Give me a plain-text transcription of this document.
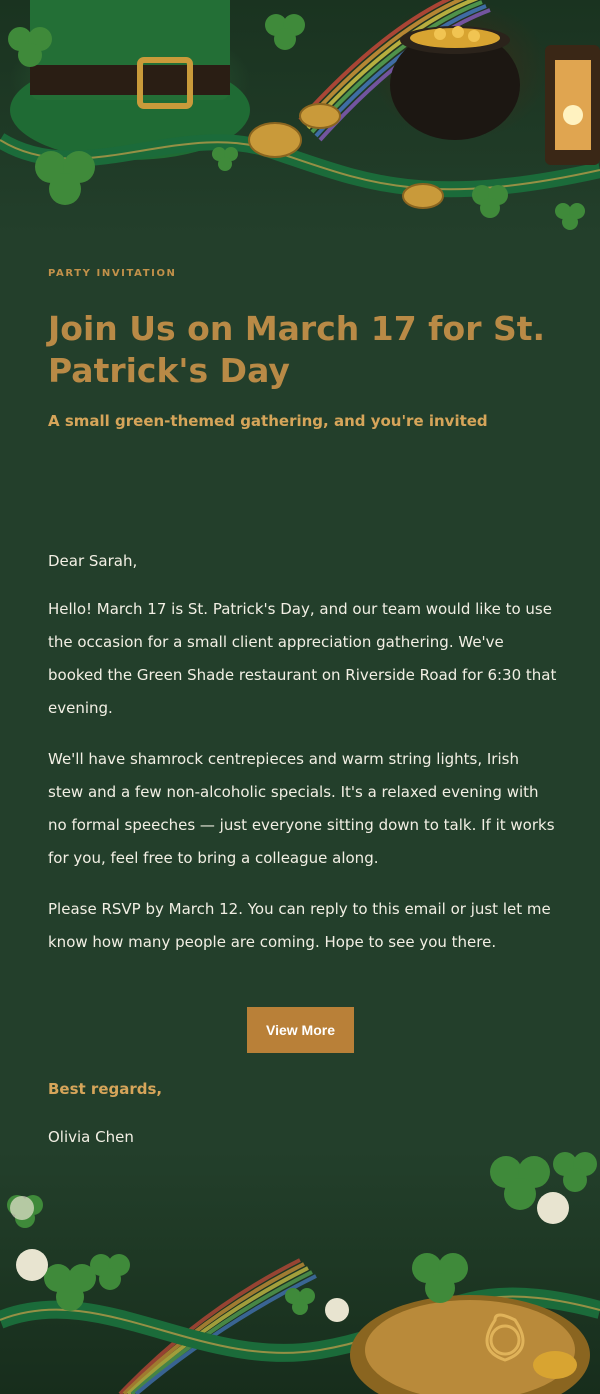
PARTY INVITATION
Join Us on March 17 for St. Patrick's Day
A small green-themed gathering, and you're invited

Dear Sarah,

Hello! March 17 is St. Patrick's Day, and our team would like to use the occasion for a small client appreciation gathering. We've booked the Green Shade restaurant on Riverside Road for 6:30 that evening.

We'll have shamrock centrepieces and warm string lights, Irish stew and a few non-alcoholic specials. It's a relaxed evening with no formal speeches — just everyone sitting down to talk. If it works for you, feel free to bring a colleague along.

Please RSVP by March 12. You can reply to this email or just let me know how many people are coming. Hope to see you there.

View More
Best regards,
Olivia Chen
